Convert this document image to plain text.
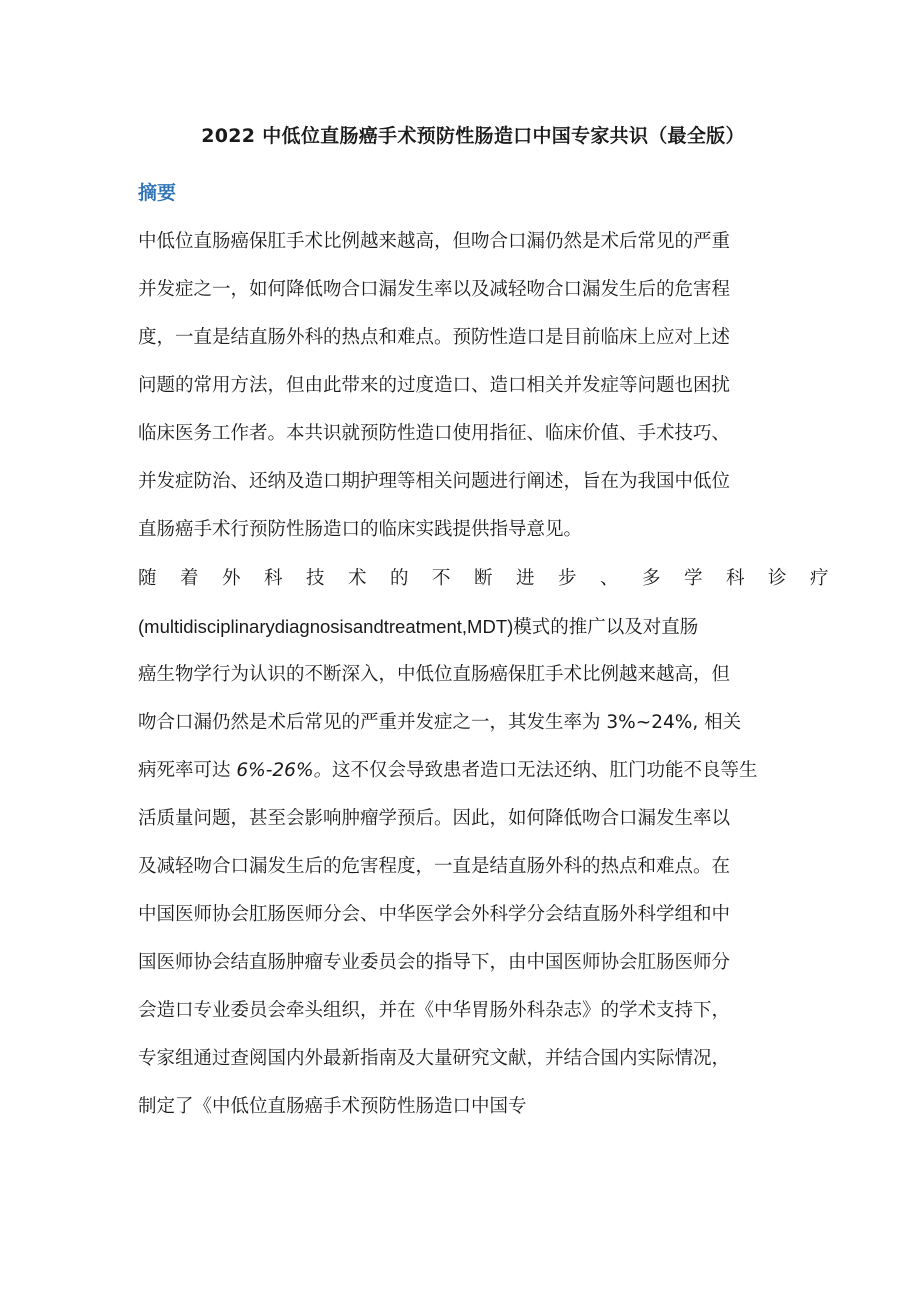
2022 中低位直肠癌手术预防性肠造口中国专家共识（最全版）
摘要
中低位直肠癌保肛手术比例越来越高，但吻合口漏仍然是术后常见的严重
并发症之一，如何降低吻合口漏发生率以及减轻吻合口漏发生后的危害程
度，一直是结直肠外科的热点和难点。预防性造口是目前临床上应对上述
问题的常用方法，但由此带来的过度造口、造口相关并发症等问题也困扰
临床医务工作者。本共识就预防性造口使用指征、临床价值、手术技巧、
并发症防治、还纳及造口期护理等相关问题进行阐述，旨在为我国中低位
直肠癌手术行预防性肠造口的临床实践提供指导意见。
随着外科技术的不断进步、多学科诊疗
(multidisciplinarydiagnosisandtreatment,MDT)模式的推广以及对直肠
癌生物学行为认识的不断深入，中低位直肠癌保肛手术比例越来越高，但
吻合口漏仍然是术后常见的严重并发症之一，其发生率为 3%~24%, 相关
病死率可达 6%-26%。这不仅会导致患者造口无法还纳、肛门功能不良等生
活质量问题，甚至会影响肿瘤学预后。因此，如何降低吻合口漏发生率以
及减轻吻合口漏发生后的危害程度，一直是结直肠外科的热点和难点。在
中国医师协会肛肠医师分会、中华医学会外科学分会结直肠外科学组和中
国医师协会结直肠肿瘤专业委员会的指导下，由中国医师协会肛肠医师分
会造口专业委员会牵头组织，并在《中华胃肠外科杂志》的学术支持下，
专家组通过查阅国内外最新指南及大量研究文献，并结合国内实际情况，
制定了《中低位直肠癌手术预防性肠造口中国专
